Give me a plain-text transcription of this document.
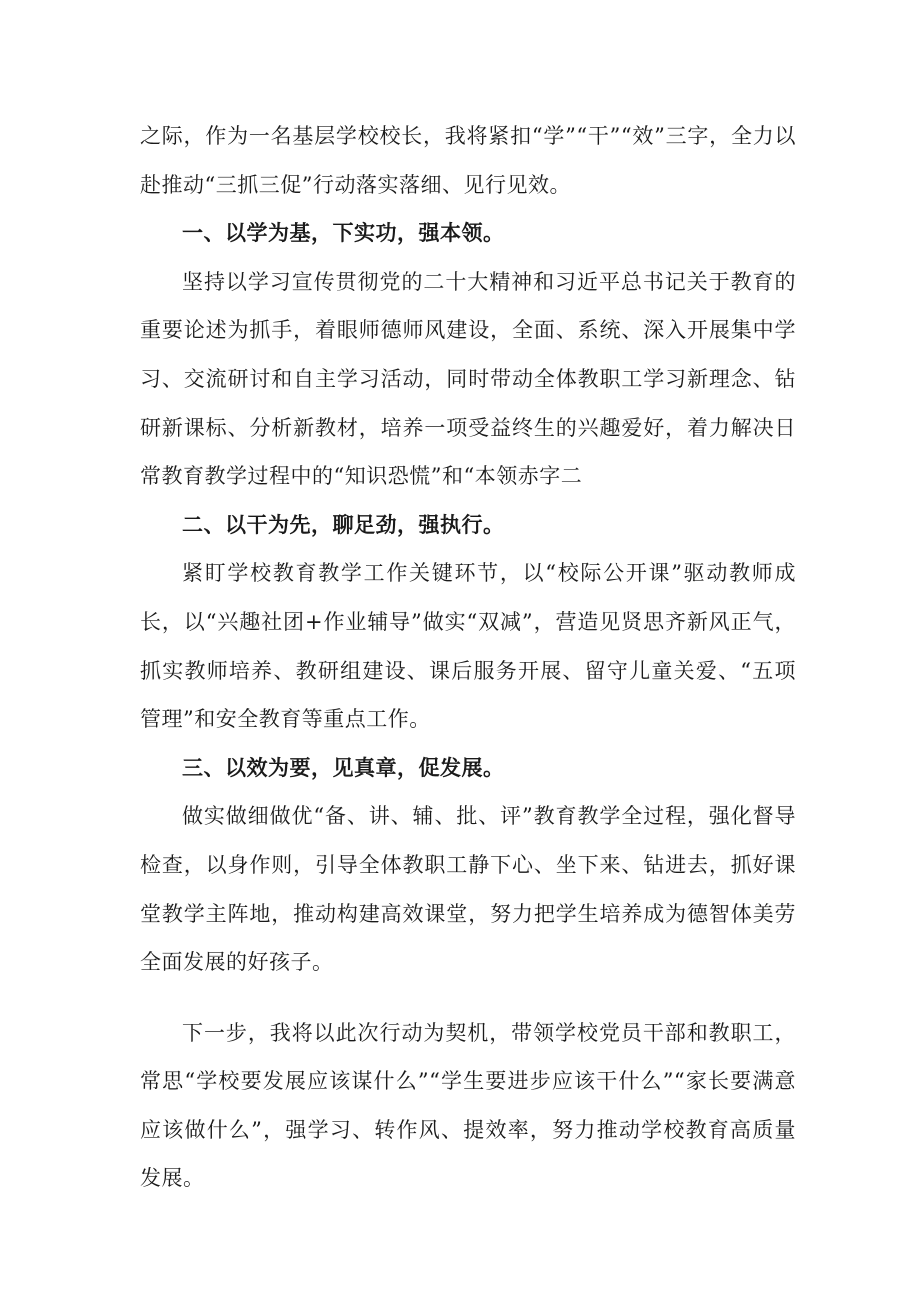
之际，作为一名基层学校校长，我将紧扣“学”“干”“效”三字，全力以赴推动“三抓三促”行动落实落细、见行见效。

一、以学为基，下实功，强本领。

坚持以学习宣传贯彻党的二十大精神和习近平总书记关于教育的重要论述为抓手，着眼师德师风建设，全面、系统、深入开展集中学习、交流研讨和自主学习活动，同时带动全体教职工学习新理念、钻研新课标、分析新教材，培养一项受益终生的兴趣爱好，着力解决日常教育教学过程中的“知识恐慌”和“本领赤字二

二、以干为先，聊足劲，强执行。

紧盯学校教育教学工作关键环节，以“校际公开课”驱动教师成长，以“兴趣社团+作业辅导”做实“双减”，营造见贤思齐新风正气，抓实教师培养、教研组建设、课后服务开展、留守儿童关爱、“五项管理”和安全教育等重点工作。

三、以效为要，见真章，促发展。

做实做细做优“备、讲、辅、批、评”教育教学全过程，强化督导检查，以身作则，引导全体教职工静下心、坐下来、钻进去，抓好课堂教学主阵地，推动构建高效课堂，努力把学生培养成为德智体美劳全面发展的好孩子。

下一步，我将以此次行动为契机，带领学校党员干部和教职工，常思“学校要发展应该谋什么”“学生要进步应该干什么”“家长要满意应该做什么”，强学习、转作风、提效率，努力推动学校教育高质量发展。
